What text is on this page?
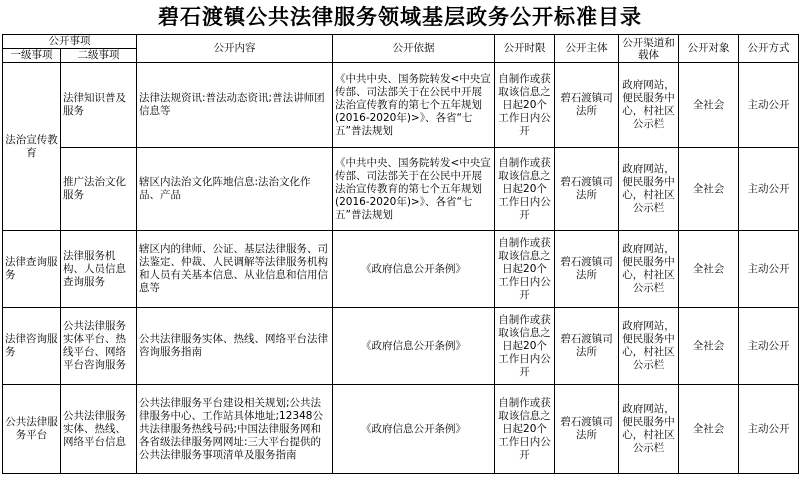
碧石渡镇公共法律服务领域基层政务公开标准目录
公开事项		公开内容	公开依据	公开时限	公开主体	公开渠道和载体	公开对象	公开方式
一级事项	二级事项							
法治宣传教育	法律知识普及服务	法律法规资讯:普法动态资讯;普法讲师团信息等	《中共中央、国务院转发<中央宣传部、司法部关于在公民中开展法治宣传教育的第七个五年规划(2016-2020年)>》、各省“七五”普法规划	自制作或获取该信息之日起20个工作日内公开	碧石渡镇司法所	政府网站，便民服务中心，村社区公示栏	全社会	主动公开
	推广法治文化服务	辖区内法治文化阵地信息:法治文化作品、产品	《中共中央、国务院转发<中央宣传部、司法部关于在公民中开展法治宣传教育的第七个五年规划(2016-2020年)>》、各省“七五”普法规划	自制作或获取该信息之日起20个工作日内公开	碧石渡镇司法所	政府网站，便民服务中心，村社区公示栏	全社会	主动公开
法律查询服务	法律服务机构、人员信息查询服务	辖区内的律师、公证、基层法律服务、司法鉴定、仲裁、人民调解等法律服务机构和人员有关基本信息、从业信息和信用信息等	《政府信息公开条例》	自制作或获取该信息之日起20个工作日内公开	碧石渡镇司法所	政府网站，便民服务中心，村社区公示栏	全社会	主动公开
法律咨询服务	公共法律服务实体平台、热线平台、网络平台咨询服务	公共法律服务实体、热线、网络平台法律咨询服务指南	《政府信息公开条例》	自制作或获取该信息之日起20个工作日内公开	碧石渡镇司法所	政府网站，便民服务中心，村社区公示栏	全社会	主动公开
公共法律服务平台	公共法律服务实体、热线、网络平台信息	公共法律服务平台建设相关规划;公共法律服务中心、工作站具体地址;12348公共法律服务热线号码;中国法律服务网和各省级法律服务网网址:三大平台提供的公共法律服务事项清单及服务指南	《政府信息公开条例》	自制作或获取该信息之日起20个工作日内公开	碧石渡镇司法所	政府网站，便民服务中心，村社区公示栏	全社会	主动公开
